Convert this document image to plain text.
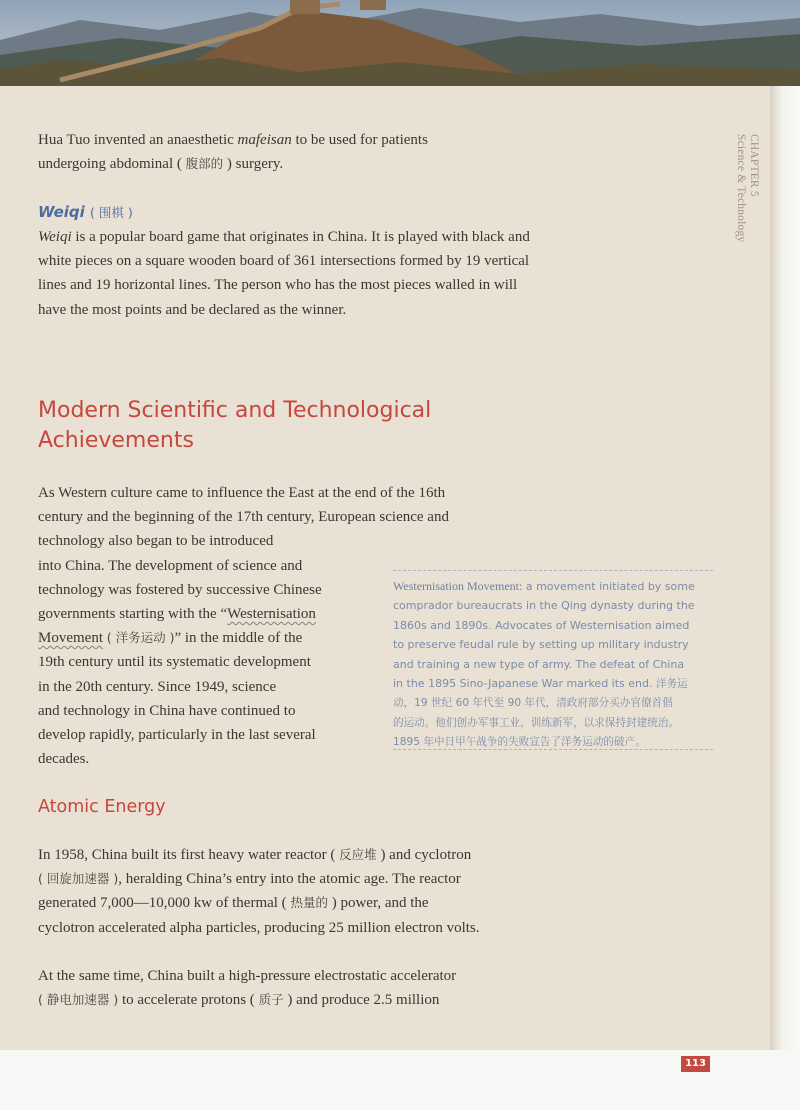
CHAPTER 5
Science & Technology

Hua Tuo invented an anaesthetic mafeisan to be used for patients

undergoing abdominal ( 腹部的 ) surgery.

Weiqi ( 围棋 )

Weiqi is a popular board game that originates in China. It is played with black and white pieces on a square wooden board of 361 intersections formed by 19 vertical lines and 19 horizontal lines. The person who has the most pieces walled in will have the most points and be declared as the winner.

Modern Scientific and Technological
Achievements

As Western culture came to influence the East at the end of the 16th

century and the beginning of the 17th century, European science and

technology also began to be introduced

into China. The development of science and

technology was fostered by successive Chinese

governments starting with the “Westernisation

Movement ( 洋务运动 )” in the middle of the

19th century until its systematic development

in the 20th century. Since 1949, science

and technology in China have continued to

develop rapidly, particularly in the last several

decades.

Westernisation Movement: a movement initiated by some

comprador bureaucrats in the Qing dynasty during the

1860s and 1890s. Advocates of Westernisation aimed

to preserve feudal rule by setting up military industry

and training a new type of army. The defeat of China

in the 1895 Sino-Japanese War marked its end. 洋务运

动，19 世纪 60 年代至 90 年代，清政府部分买办官僚首倡

的运动。他们创办军事工业，训练新军，以求保持封建统治。

1895 年中日甲午战争的失败宣告了洋务运动的破产。

Atomic Energy

In 1958, China built its first heavy water reactor ( 反应堆 ) and cyclotron

( 回旋加速器 ), heralding China’s entry into the atomic age. The reactor

generated 7,000—10,000 kw of thermal ( 热量的 ) power, and the

cyclotron accelerated alpha particles, producing 25 million electron volts.

At the same time, China built a high-pressure electrostatic accelerator

( 静电加速器 ) to accelerate protons ( 质子 ) and produce 2.5 million

113
